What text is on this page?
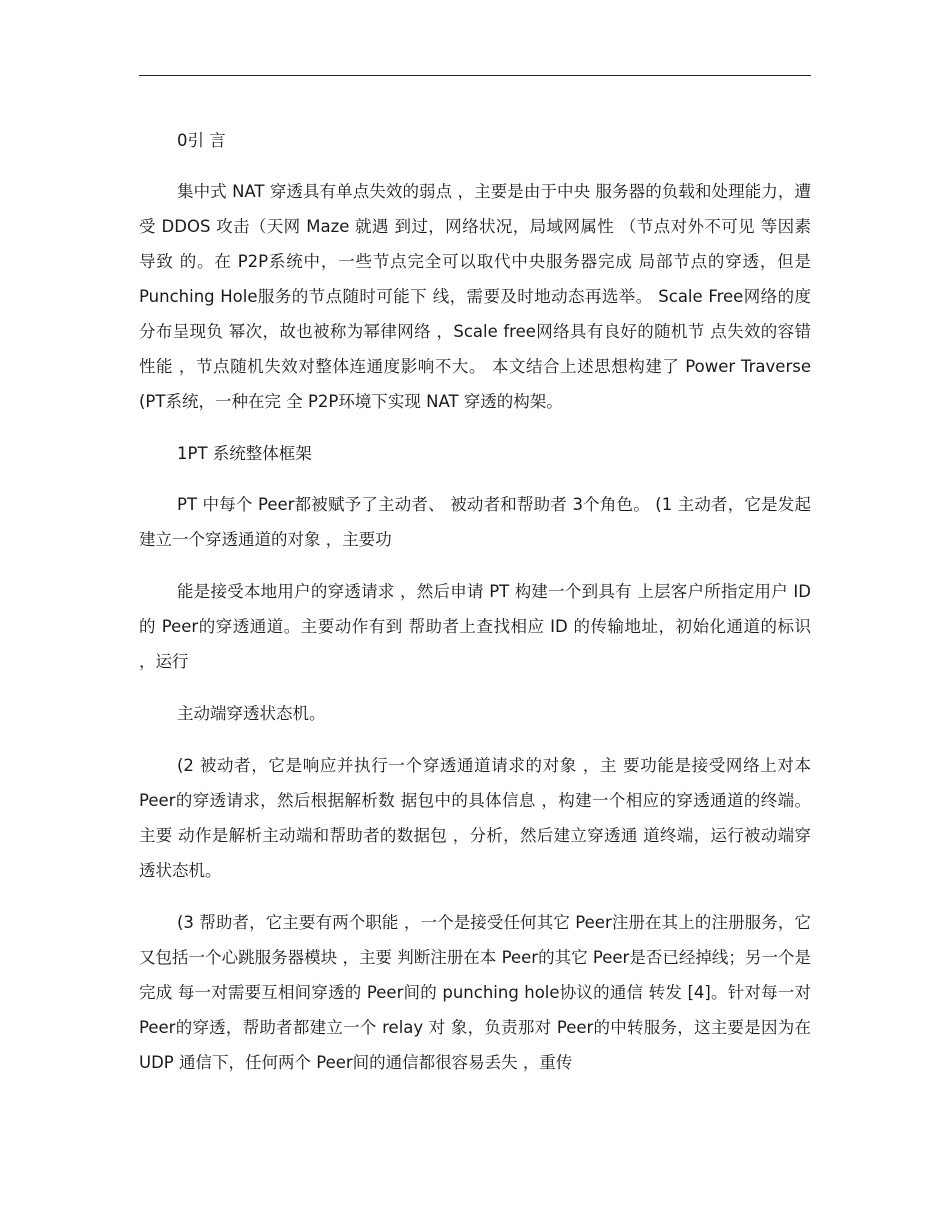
0引 言

集中式 NAT 穿透具有单点失效的弱点 ，主要是由于中央 服务器的负载和处理能力，遭受 DDOS 攻击（天网 Maze 就遇 到过，网络状况，局域网属性 （节点对外不可见 等因素导致 的。在 P2P系统中，一些节点完全可以取代中央服务器完成 局部节点的穿透，但是 Punching Hole服务的节点随时可能下 线，需要及时地动态再选举。 Scale Free网络的度分布呈现负 幂次，故也被称为幂律网络 ，Scale free网络具有良好的随机节 点失效的容错性能 ，节点随机失效对整体连通度影响不大。 本文结合上述思想构建了 Power Traverse (PT系统，一种在完 全 P2P环境下实现 NAT 穿透的构架。

1PT 系统整体框架

PT 中每个 Peer都被赋予了主动者、 被动者和帮助者 3个角色。 (1 主动者，它是发起建立一个穿透通道的对象 ，主要功

能是接受本地用户的穿透请求 ，然后申请 PT 构建一个到具有 上层客户所指定用户 ID 的 Peer的穿透通道。主要动作有到 帮助者上查找相应 ID 的传输地址，初始化通道的标识 ，运行

主动端穿透状态机。

(2 被动者，它是响应并执行一个穿透通道请求的对象 ，主 要功能是接受网络上对本 Peer的穿透请求，然后根据解析数 据包中的具体信息 ，构建一个相应的穿透通道的终端。主要 动作是解析主动端和帮助者的数据包 ，分析，然后建立穿透通 道终端，运行被动端穿透状态机。

(3 帮助者，它主要有两个职能 ，一个是接受任何其它 Peer注册在其上的注册服务，它又包括一个心跳服务器模块 ，主要 判断注册在本 Peer的其它 Peer是否已经掉线；另一个是完成 每一对需要互相间穿透的 Peer间的 punching hole协议的通信 转发 [4]。针对每一对 Peer的穿透，帮助者都建立一个 relay 对 象，负责那对 Peer的中转服务，这主要是因为在 UDP 通信下，任何两个 Peer间的通信都很容易丢失 ，重传
